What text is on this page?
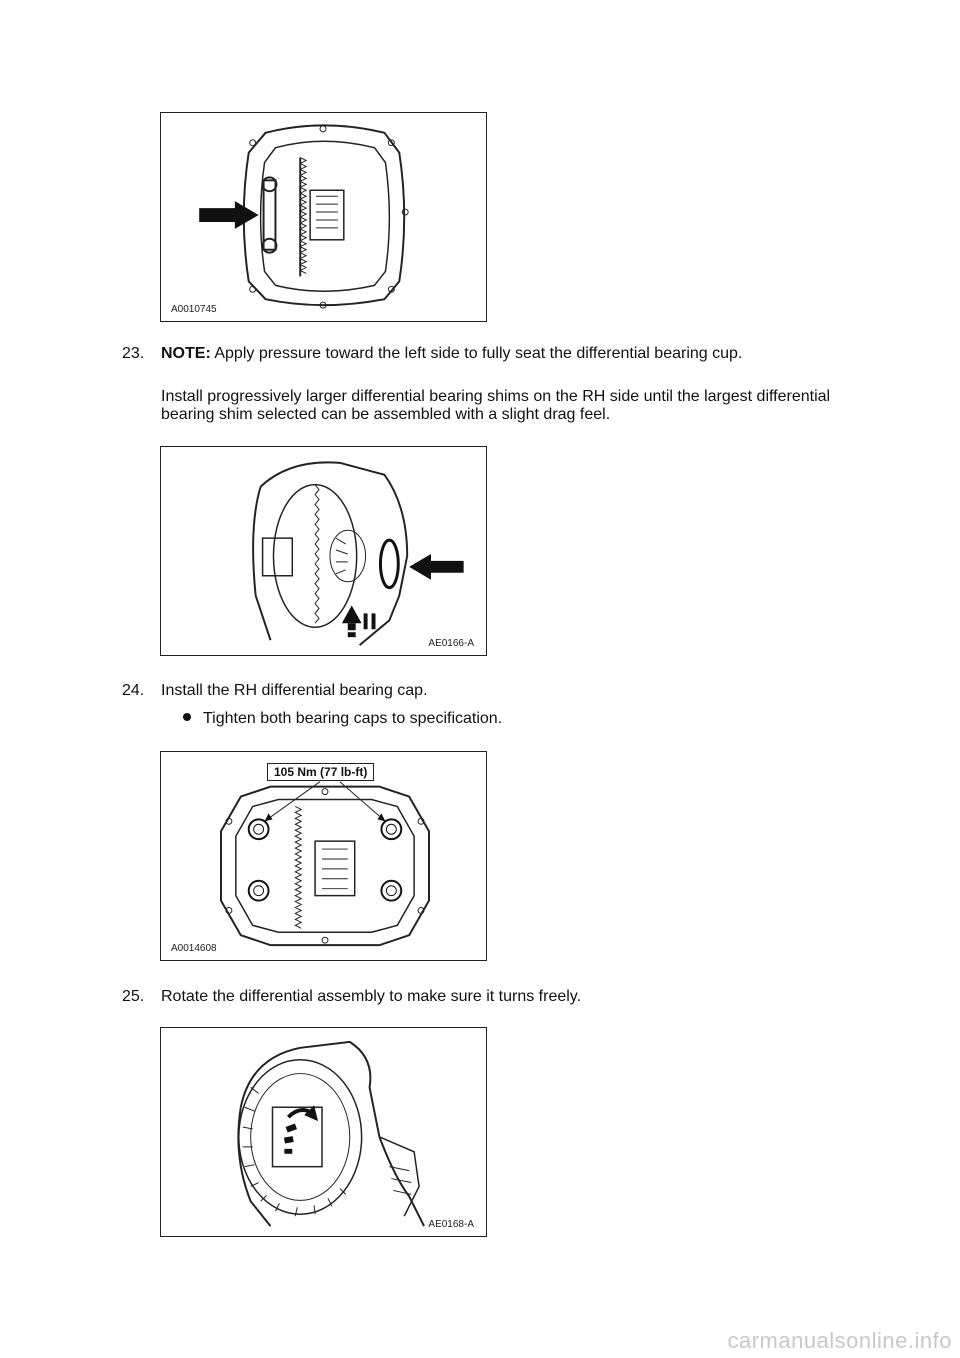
A0010745
23.	NOTE: Apply pressure toward the left side to fully seat the differential bearing cup.
Install progressively larger differential bearing shims on the RH side until the largest differential
bearing shim selected can be assembled with a slight drag feel.
AE0166-A
24.	Install the RH differential bearing cap.
Tighten both bearing caps to specification.
105 Nm (77 lb-ft)
A0014608
25.	Rotate the differential assembly to make sure it turns freely.
AE0168-A
carmanualsonline.info
